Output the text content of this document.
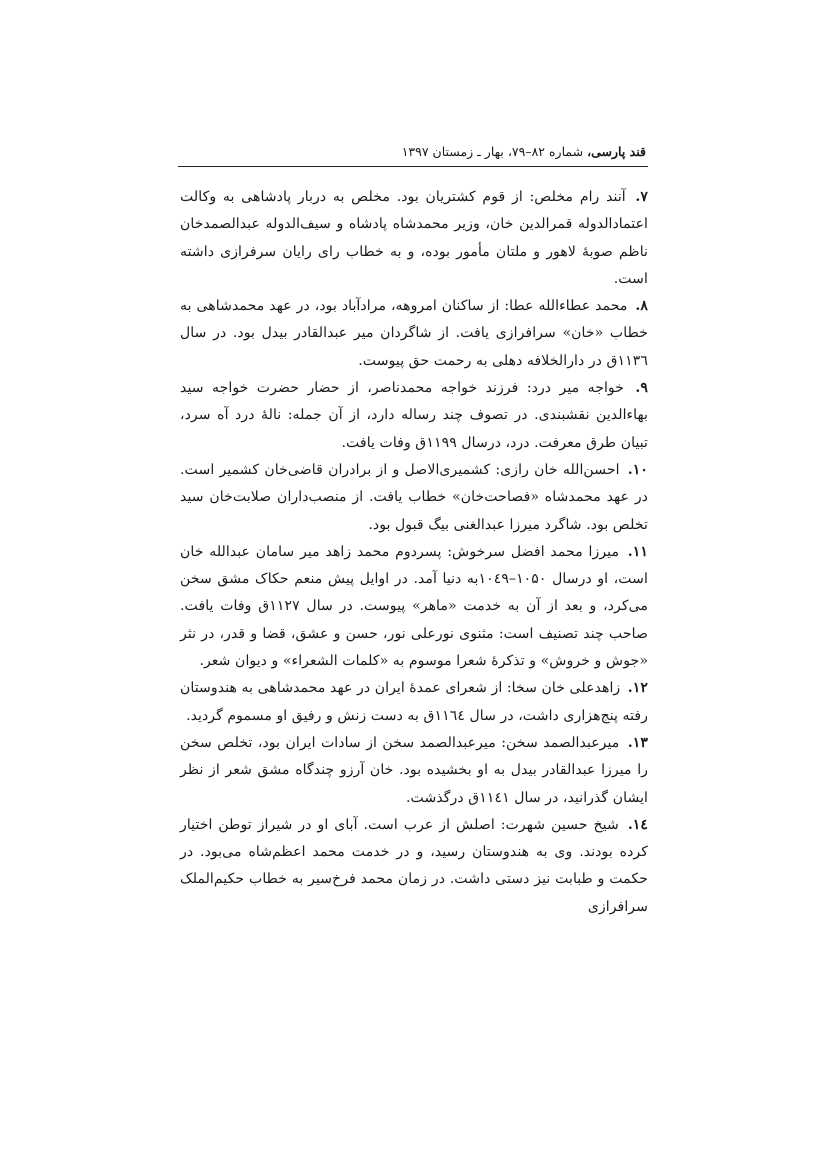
قند پارسی، شماره ۸۲–۷۹، بهار ـ زمستان ۱۳۹۷
۷. آنند رام مخلص: از قوم کشتریان بود. مخلص به دربار پادشاهی به وکالت اعتمادالدوله قمرالدین خان، وزیر محمدشاه پادشاه و سیف‌الدوله عبدالصمدخان ناظم صوبهٔ لاهور و ملتان مأمور بوده، و به خطاب رای رایان سرفرازی داشته است.
۸. محمد عطاءالله عطا: از ساکنان امروهه، مرادآباد بود، در عهد محمدشاهی به خطاب «خان» سرافرازی یافت. از شاگردان میر عبدالقادر بیدل بود. در سال ۱۱۳٦ق در دارالخلافه دهلی به رحمت حق پیوست.
۹. خواجه میر درد: فرزند خواجه محمدناصر، از حضار حضرت خواجه سید بهاءالدین نقشبندی. در تصوف چند رساله دارد، از آن جمله: نالهٔ درد آه سرد، تبیان طرق معرفت. درد، درسال ۱۱۹۹ق وفات یافت.
۱۰. احسن‌الله خان رازی: کشمیری‌الاصل و از برادران قاضی‌خان کشمیر است. در عهد محمدشاه «فصاحت‌خان» خطاب یافت. از منصب‌داران صلابت‌خان سید تخلص بود. شاگرد میرزا عبدالغنی بیگ قبول بود.
۱۱. میرزا محمد افضل سرخوش: پسردوم محمد زاهد میر سامان عبدالله خان است، او درسال ۱۰۵۰–۱۰٤۹به دنیا آمد. در اوایل پیش منعم حکاک مشق سخن می‌کرد، و بعد از آن به خدمت «ماهر» پیوست. در سال ۱۱۲۷ق وفات یافت. صاحب چند تصنیف است: مثنوی نورعلی نور، حسن و عشق، قضا و قدر، در نثر «جوش و خروش» و تذکرهٔ شعرا موسوم به «کلمات الشعراء» و دیوان شعر.
۱۲. زاهدعلی خان سخا: از شعرای عمدهٔ ایران در عهد محمدشاهی به هندوستان رفته پنج‌هزاری داشت، در سال ۱۱٦٤ق به دست زنش و رفیق او مسموم گردید.
۱۳. میرعبدالصمد سخن: میرعبدالصمد سخن از سادات ایران بود، تخلص سخن را میرزا عبدالقادر بیدل به او بخشیده بود. خان آرزو چندگاه مشق شعر از نظر ایشان گذرانید، در سال ۱۱٤۱ق درگذشت.
۱٤. شیخ حسین شهرت: اصلش از عرب است. آبای او در شیراز توطن اختیار کرده بودند. وی به هندوستان رسید، و در خدمت محمد اعظم‌شاه می‌بود. در حکمت و طبابت نیز دستی داشت. در زمان محمد فرخ‌سیر به خطاب حکیم‌الملک سرافرازی
